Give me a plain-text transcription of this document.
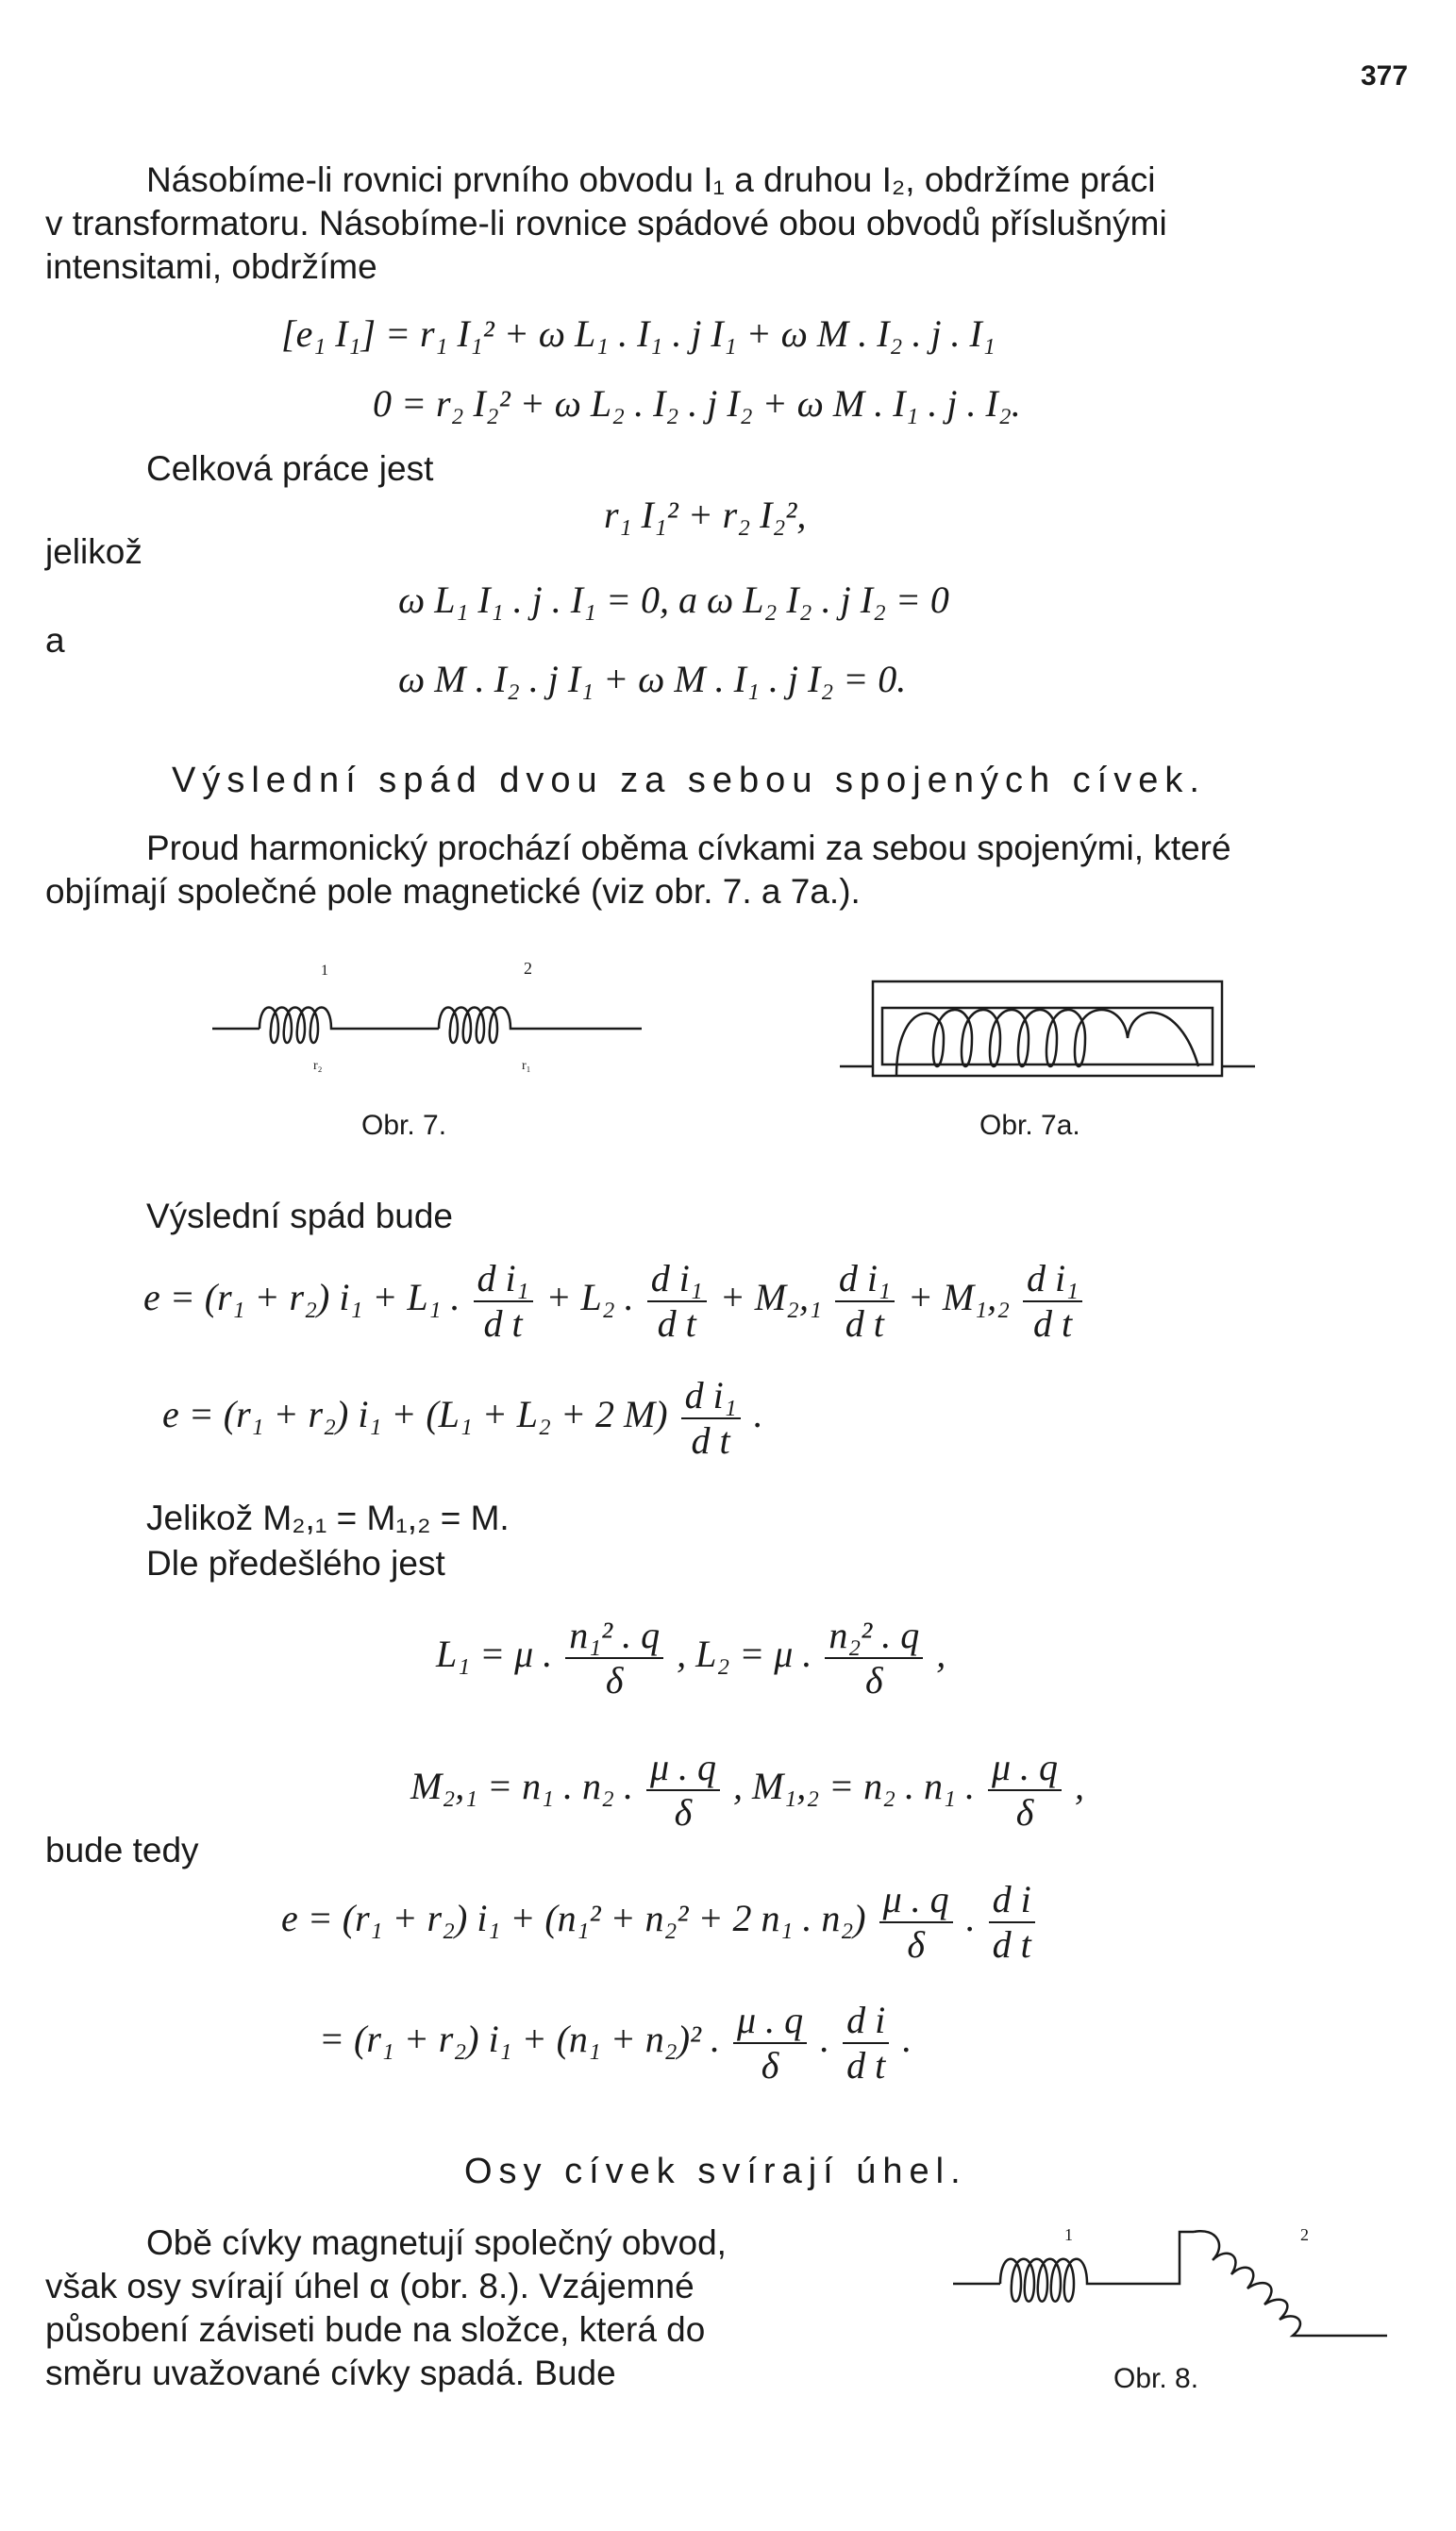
377
Násobíme-li rovnici prvního obvodu I₁ a druhou I₂, obdržíme práci
v transformatoru. Násobíme-li rovnice spádové obou obvodů příslušnými
intensitami, obdržíme
[e₁ I₁] = r₁ I₁² + ω L₁ . I₁ . j I₁ + ω M . I₂ . j . I₁
0 = r₂ I₂² + ω L₂ . I₂ . j I₂ + ω M . I₁ . j . I₂.
Celková práce jest
r₁ I₁² + r₂ I₂²,
jelikož
ω L₁ I₁ . j . I₁ = 0, a ω L₂ I₂ . j I₂ = 0
a
ω M . I₂ . j I₁ + ω M . I₁ . j I₂ = 0.
Výslední spád dvou za sebou spojených cívek.
Proud harmonický prochází oběma cívkami za sebou spojenými, které
objímají společné pole magnetické (viz obr. 7. a 7a.).
1	2
r₂	r₁
Obr. 7.	Obr. 7a.
Výslední spád bude
e = (r₁ + r₂) i₁ + L₁ . $\frac{\text{d i₁}}{\text{d t}} + L_2$ . $\frac{\text{d i₁}}{\text{d t}} + M_2,_1 \frac{\text{d i₁}}{\text{d t}} + M_1,_2 \frac{\text{d i₁}}{\text{d t}}$
e = (r₁ + r₂) i₁ + (L₁ + L₂ + 2 $M) \frac{\text{d i₁}}{\text{d t}}$ .
Jelikož M₂,₁ = M₁,₂ = M.
Dle předešlého jest
L₁ = μ . $\frac{\text{n₁² . q}}{\delta}$ , L₂ = μ . $\frac{\text{n₂² . q}}{\delta}$ ,
M₂,₁ = n₁ . n₂ . $\frac{\mu . q}{\delta}$ , M₁,₂ = n₂ . n₁ . $\frac{\mu . q}{\delta}$ ,
bude tedy
e = (r₁ + r₂) i₁ + (n₁² + n₂² + 2 n₁ . $n_2) \frac{\mu . q}{\delta}$ . $\frac{\text{d i}}{\text{d t}}$
= (r₁ + r₂) i₁ + (n₁ + n₂)² . $\frac{\mu . q}{\delta}$ . $\frac{\text{d i}}{\text{d t}}$ .
Osy cívek svírají úhel.
Obě cívky magnetují společný obvod,
však osy svírají úhel α (obr. 8.). Vzájemné
působení záviseti bude na složce, která do
směru uvažované cívky spadá. Bude
1	2
Obr. 8.
